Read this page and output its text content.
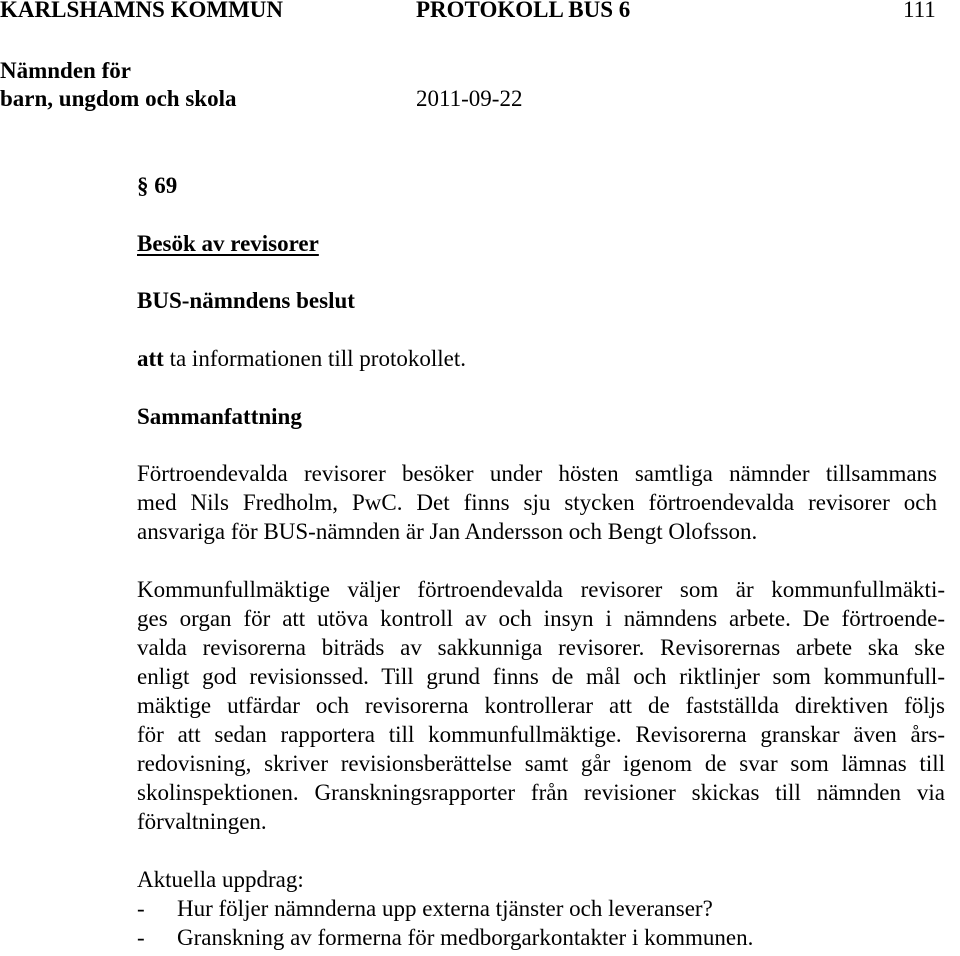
KARLSHAMNS KOMMUN	PROTOKOLL BUS 6	111
Nämnden för
barn, ungdom och skola	2011-09-22
§ 69
Besök av revisorer
BUS-nämndens beslut
att ta informationen till protokollet.
Sammanfattning
Förtroendevalda revisorer besöker under hösten samtliga nämnder tillsammans
med Nils Fredholm, PwC. Det finns sju stycken förtroendevalda revisorer och
ansvariga för BUS-nämnden är Jan Andersson och Bengt Olofsson.
Kommunfullmäktige väljer förtroendevalda revisorer som är kommunfullmäkti-
ges organ för att utöva kontroll av och insyn i nämndens arbete. De förtroende-
valda revisorerna biträds av sakkunniga revisorer. Revisorernas arbete ska ske
enligt god revisionssed. Till grund finns de mål och riktlinjer som kommunfull-
mäktige utfärdar och revisorerna kontrollerar att de fastställda direktiven följs
för att sedan rapportera till kommunfullmäktige. Revisorerna granskar även års-
redovisning, skriver revisionsberättelse samt går igenom de svar som lämnas till
skolinspektionen. Granskningsrapporter från revisioner skickas till nämnden via
förvaltningen.
Aktuella uppdrag:
- Hur följer nämnderna upp externa tjänster och leveranser?
- Granskning av formerna för medborgarkontakter i kommunen.
